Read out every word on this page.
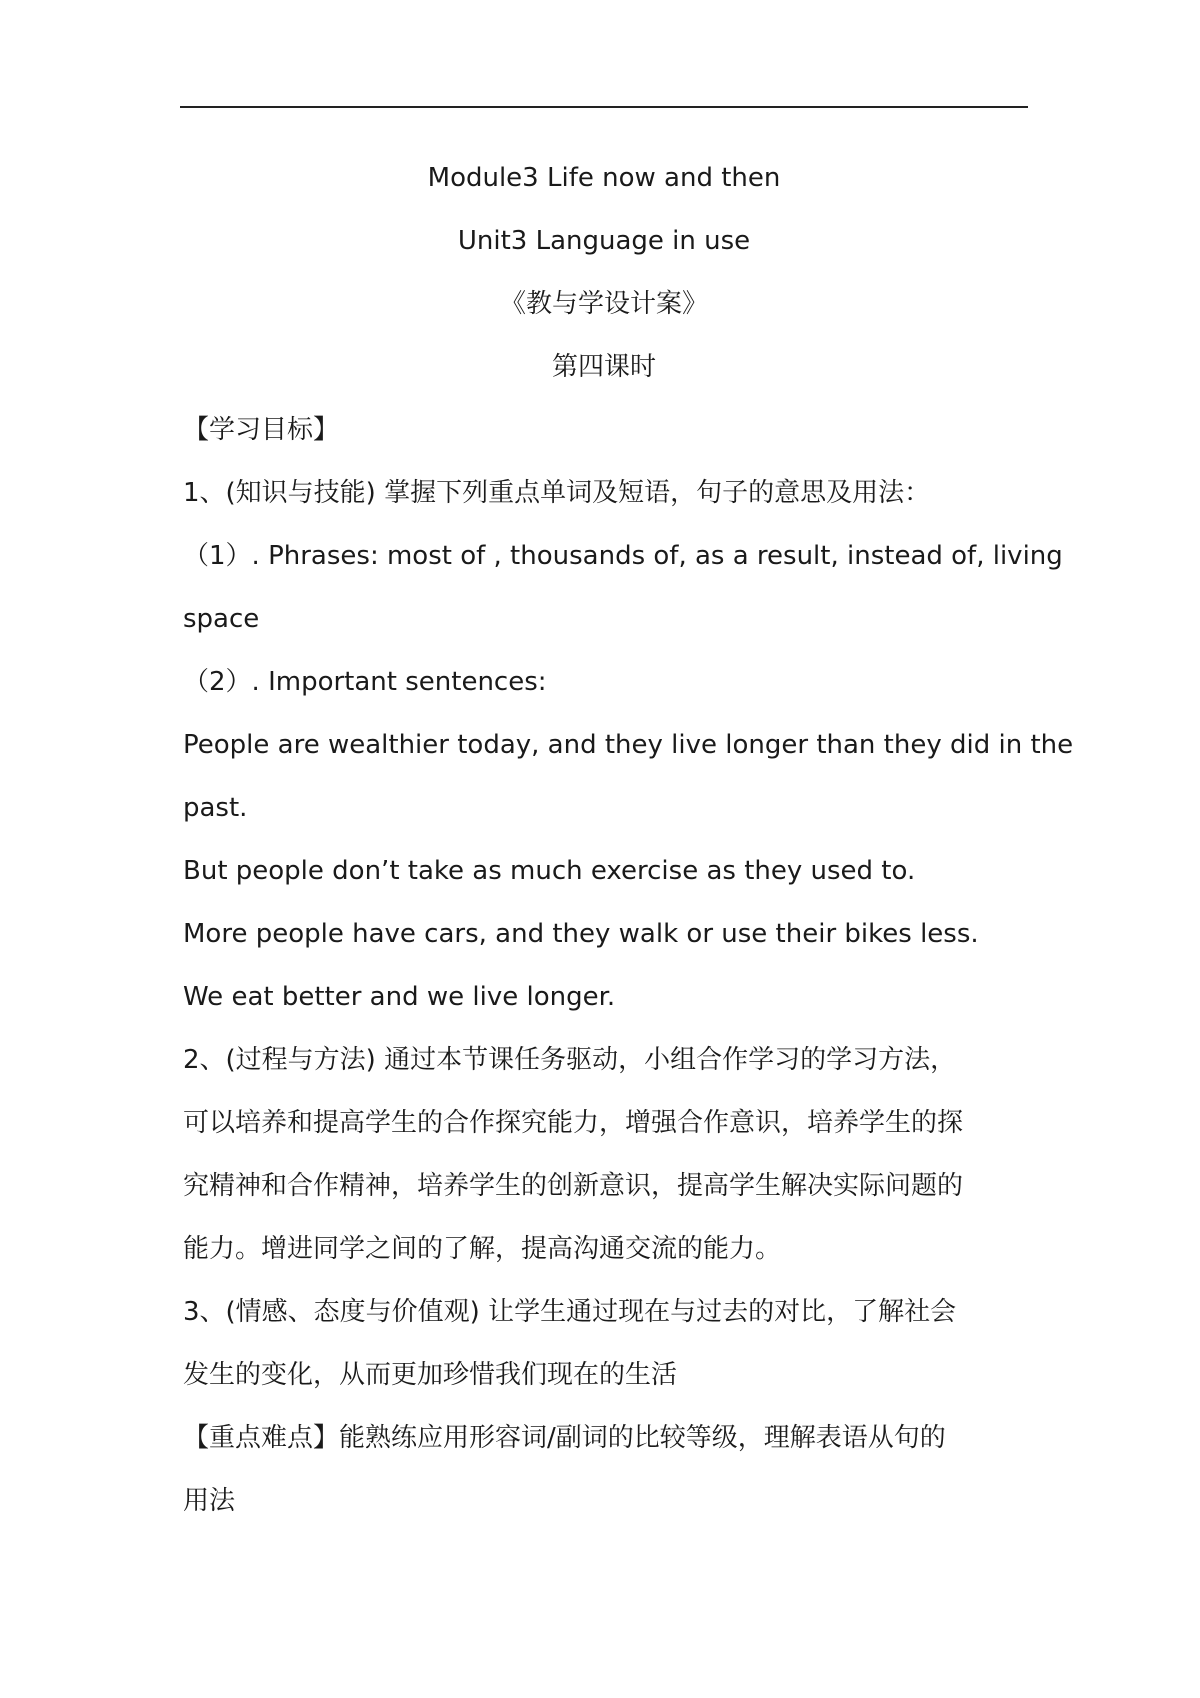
Module3 Life now and then
Unit3 Language in use
《教与学设计案》
第四课时
【学习目标】
1、(知识与技能) 掌握下列重点单词及短语，句子的意思及用法：
（1）. Phrases: most of , thousands of, as a result, instead of, living
space
（2）. Important sentences:
People are wealthier today, and they live longer than they did in the
past.
But people don’t take as much exercise as they used to.
More people have cars, and they walk or use their bikes less.
We eat better and we live longer.
2、(过程与方法) 通过本节课任务驱动，小组合作学习的学习方法，
可以培养和提高学生的合作探究能力，增强合作意识，培养学生的探
究精神和合作精神，培养学生的创新意识，提高学生解决实际问题的
能力。增进同学之间的了解，提高沟通交流的能力。
3、(情感、态度与价值观) 让学生通过现在与过去的对比，了解社会
发生的变化，从而更加珍惜我们现在的生活
【重点难点】能熟练应用形容词/副词的比较等级，理解表语从句的
用法
